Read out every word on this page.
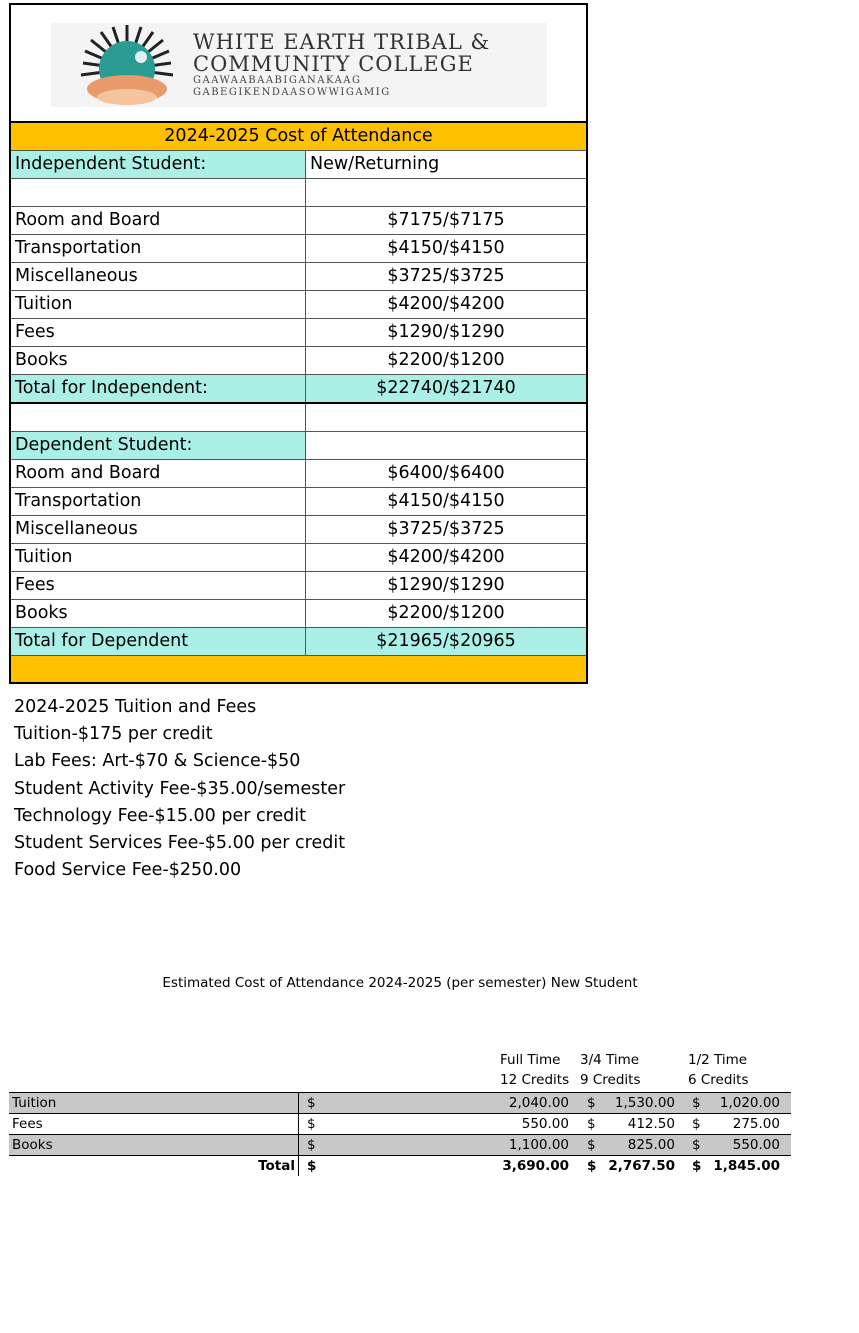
WHITE EARTH TRIBAL &
COMMUNITY COLLEGE
GAAWAABAABIGANAKAAG
GABEGIKENDAASOWWIGAMIG
2024-2025 Cost of Attendance
Independent Student:	New/Returning
Room and Board	$7175/$7175
Transportation	$4150/$4150
Miscellaneous	$3725/$3725
Tuition	$4200/$4200
Fees	$1290/$1290
Books	$2200/$1200
Total for Independent:	$22740/$21740
Dependent Student:
Room and Board	$6400/$6400
Transportation	$4150/$4150
Miscellaneous	$3725/$3725
Tuition	$4200/$4200
Fees	$1290/$1290
Books	$2200/$1200
Total for Dependent	$21965/$20965
2024-2025 Tuition and Fees
Tuition-$175 per credit
Lab Fees: Art-$70 & Science-$50
Student Activity Fee-$35.00/semester
Technology Fee-$15.00 per credit
Student Services Fee-$5.00 per credit
Food Service Fee-$250.00
Estimated Cost of Attendance 2024-2025 (per semester) New Student
Full Time 3/4 Time	1/2 Time
12 Credits 9 Credits	6 Credits
Tuition	$	2,040.00 $ 1,530.00 $ 1,020.00
Fees	$	550.00 $ 412.50 $ 275.00
Books	$	1,100.00 $ 825.00 $ 550.00
Total $	3,690.00 $ 2,767.50 $ 1,845.00
